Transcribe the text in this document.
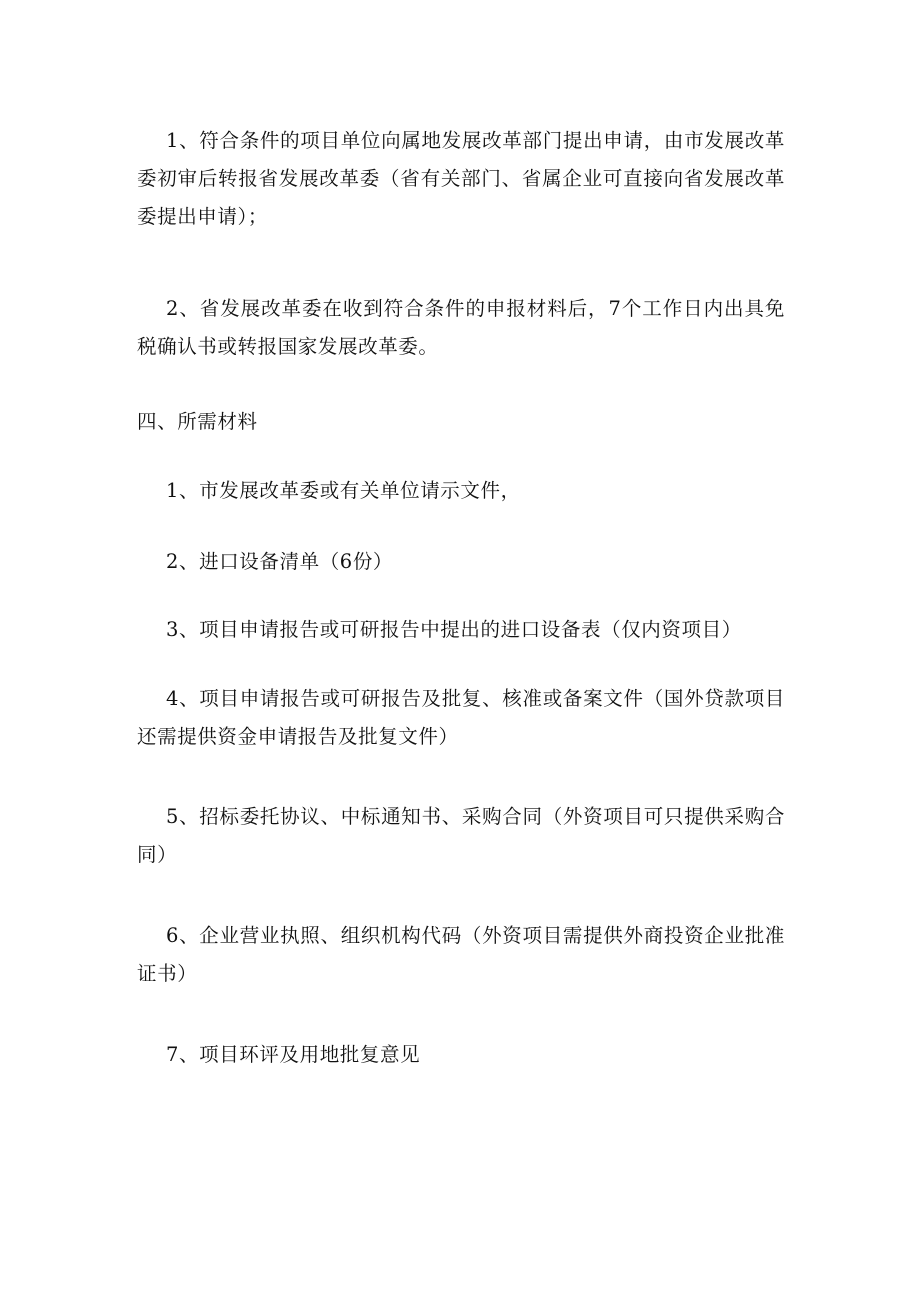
1、符合条件的项目单位向属地发展改革部门提出申请，由市发展改革委初审后转报省发展改革委（省有关部门、省属企业可直接向省发展改革委提出申请）；

2、省发展改革委在收到符合条件的申报材料后，7个工作日内出具免税确认书或转报国家发展改革委。

四、所需材料

1、市发展改革委或有关单位请示文件，

2、进口设备清单（6份）

3、项目申请报告或可研报告中提出的进口设备表（仅内资项目）

4、项目申请报告或可研报告及批复、核准或备案文件（国外贷款项目还需提供资金申请报告及批复文件）

5、招标委托协议、中标通知书、采购合同（外资项目可只提供采购合同）

6、企业营业执照、组织机构代码（外资项目需提供外商投资企业批准证书）

7、项目环评及用地批复意见
